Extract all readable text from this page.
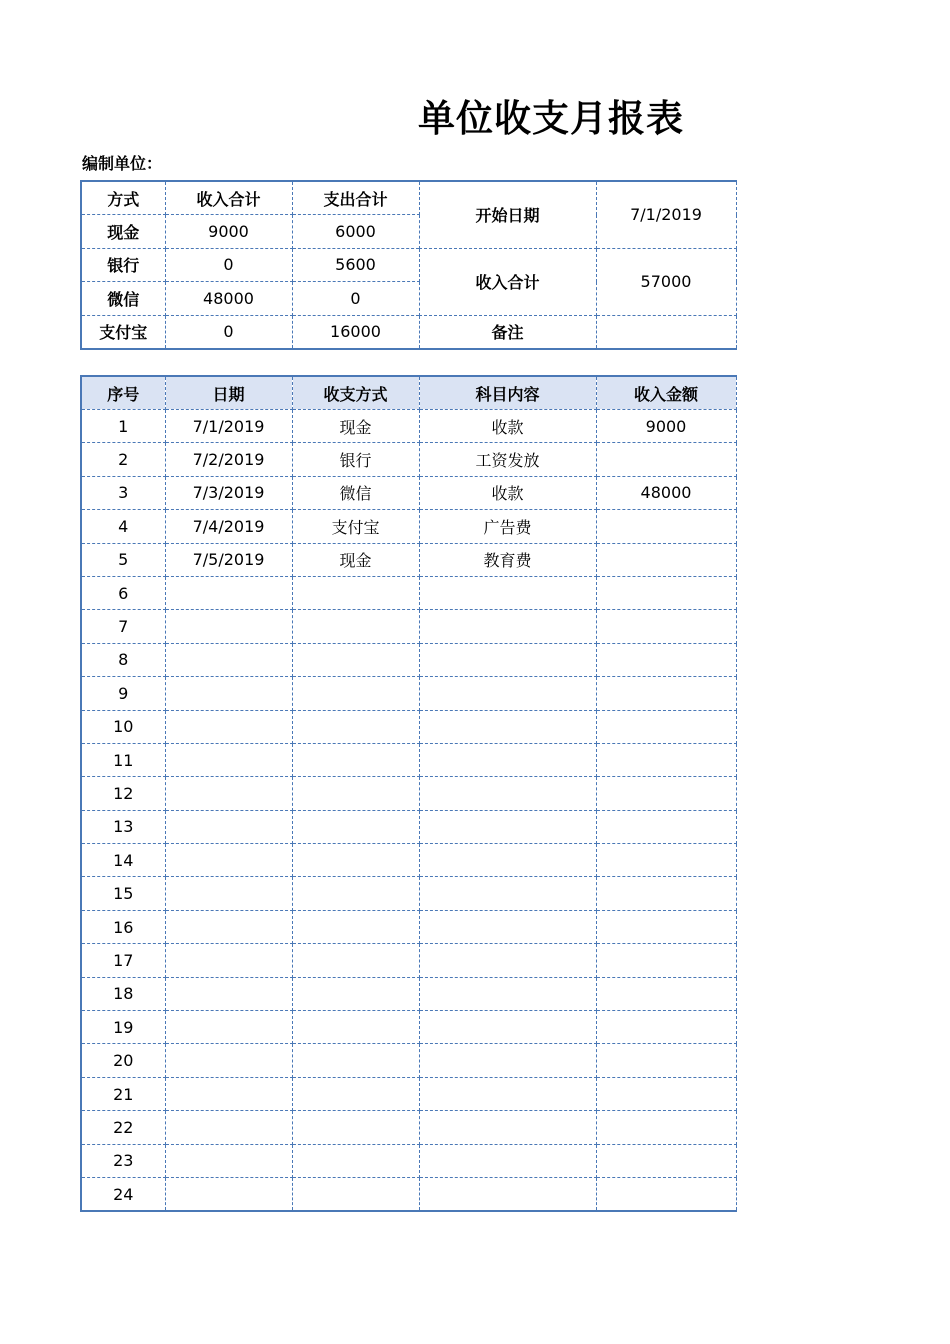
单位收支月报表
编制单位：
方式	收入合计	支出合计	开始日期	7/1/2019
现金	9000	6000		
银行	0	5600	收入合计	57000
微信	48000	0		
支付宝	0	16000	备注	
序号	日期	收支方式	科目内容	收入金额
1	7/1/2019	现金	收款	9000
2	7/2/2019	银行	工资发放	
3	7/3/2019	微信	收款	48000
4	7/4/2019	支付宝	广告费	
5	7/5/2019	现金	教育费	
6				
7				
8				
9				
10				
11				
12				
13				
14				
15				
16				
17				
18				
19				
20				
21				
22				
23				
24				
